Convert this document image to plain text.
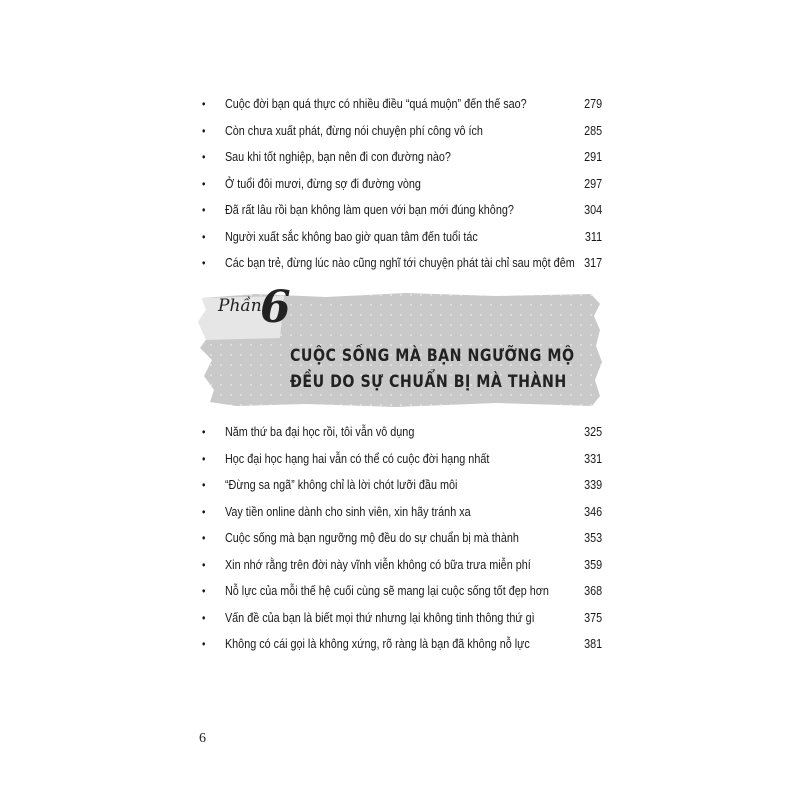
•	Cuộc đời bạn quá thực có nhiều điều “quá muộn” đến thế sao?	279
•	Còn chưa xuất phát, đừng nói chuyện phí công vô ích	285
•	Sau khi tốt nghiệp, bạn nên đi con đường nào?	291
•	Ở tuổi đôi mươi, đừng sợ đi đường vòng	297
•	Đã rất lâu rồi bạn không làm quen với bạn mới đúng không?	304
•	Người xuất sắc không bao giờ quan tâm đến tuổi tác	311
•	Các bạn trẻ, đừng lúc nào cũng nghĩ tới chuyện phát tài chỉ sau một đêm 317
Phần
6
CUỘC SỐNG MÀ BẠN NGƯỠNG MỘ
ĐỀU DO SỰ CHUẨN BỊ MÀ THÀNH
•	Năm thứ ba đại học rồi, tôi vẫn vô dụng	325
•	Học đại học hạng hai vẫn có thể có cuộc đời hạng nhất	331
•	“Đừng sa ngã” không chỉ là lời chót lưỡi đầu môi	339
•	Vay tiền online dành cho sinh viên, xin hãy tránh xa	346
•	Cuộc sống mà bạn ngưỡng mộ đều do sự chuẩn bị mà thành	353
•	Xin nhớ rằng trên đời này vĩnh viễn không có bữa trưa miễn phí	359
•	Nỗ lực của mỗi thế hệ cuối cùng sẽ mang lại cuộc sống tốt đẹp hơn	368
•	Vấn đề của bạn là biết mọi thứ nhưng lại không tinh thông thứ gì	375
•	Không có cái gọi là không xứng, rõ ràng là bạn đã không nỗ lực	381
6
